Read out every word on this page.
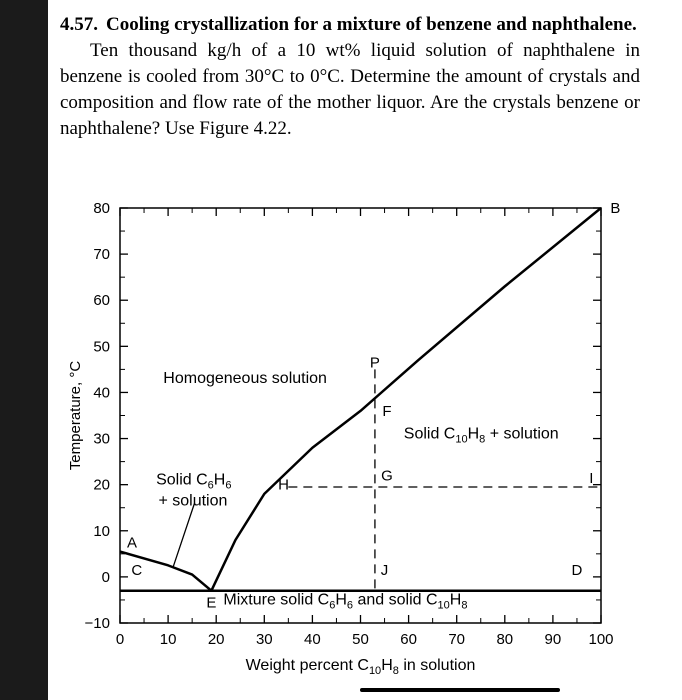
4.57. Cooling crystallization for a mixture of benzene and naphthalene.
Ten thousand kg/h of a 10 wt% liquid solution of naphthalene in benzene is cooled from 30°C to 0°C. Determine the amount of crystals and composition and flow rate of the mother liquor. Are the crystals benzene or naphthalene? Use Figure 4.22.
−10
0
10
20
30
40
50
60
70
80
0 10 20 30 40 50 60 70 80 90 100
Temperature, °C
Weight percent $C_{10}H_8$ in solution
A
B
C	D
E
F
G
H	I
J
P
Homogeneous solution
Solid $C_{10}H_8$ + solution
Solid $C_6H_6$
+ solution
Mixture solid $C_6H_6$ and solid $C_{10}H_8$
